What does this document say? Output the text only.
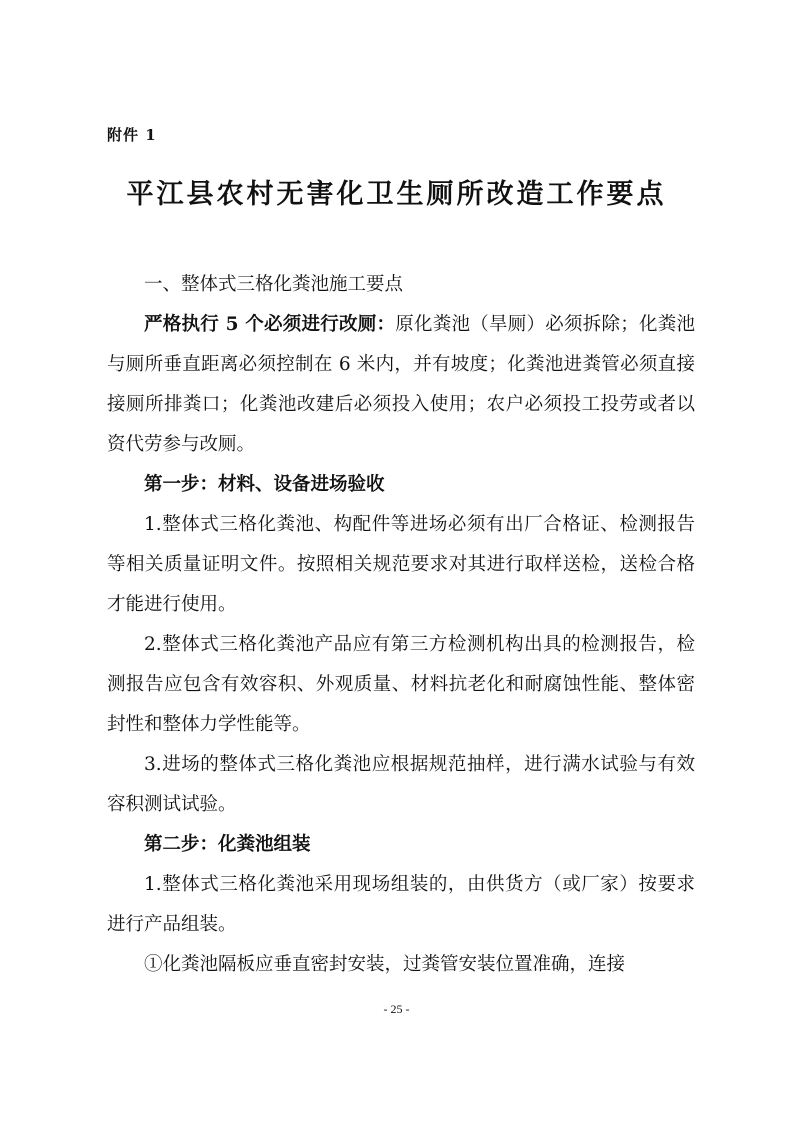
附件 1
平江县农村无害化卫生厕所改造工作要点

一、整体式三格化粪池施工要点

严格执行 5 个必须进行改厕：原化粪池（旱厕）必须拆除；化粪池与厕所垂直距离必须控制在 6 米内，并有坡度；化粪池进粪管必须直接接厕所排粪口；化粪池改建后必须投入使用；农户必须投工投劳或者以资代劳参与改厕。

第一步：材料、设备进场验收

1.整体式三格化粪池、构配件等进场必须有出厂合格证、检测报告等相关质量证明文件。按照相关规范要求对其进行取样送检，送检合格才能进行使用。

2.整体式三格化粪池产品应有第三方检测机构出具的检测报告，检测报告应包含有效容积、外观质量、材料抗老化和耐腐蚀性能、整体密封性和整体力学性能等。

3.进场的整体式三格化粪池应根据规范抽样，进行满水试验与有效容积测试试验。

第二步：化粪池组装

1.整体式三格化粪池采用现场组装的，由供货方（或厂家）按要求进行产品组装。

①化粪池隔板应垂直密封安装，过粪管安装位置准确，连接

- 25 -
